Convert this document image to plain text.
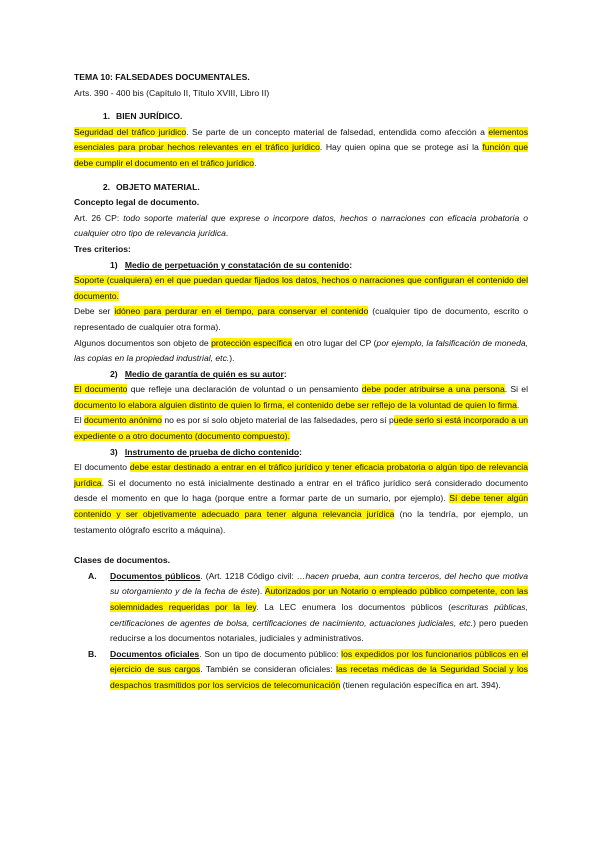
TEMA 10: FALSEDADES DOCUMENTALES.
Arts. 390 - 400 bis (Capítulo II, Título XVIII, Libro II)
1. BIEN JURÍDICO.

Seguridad del tráfico jurídico. Se parte de un concepto material de falsedad, entendida como afección a elementos esenciales para probar hechos relevantes en el tráfico jurídico. Hay quien opina que se protege así la función que debe cumplir el documento en el tráfico jurídico.

2. OBJETO MATERIAL.
Concepto legal de documento.

Art. 26 CP: todo soporte material que exprese o incorpore datos, hechos o narraciones con eficacia probatoria o cualquier otro tipo de relevancia jurídica.

Tres criterios:
1) Medio de perpetuación y constatación de su contenido:

Soporte (cualquiera) en el que puedan quedar fijados los datos, hechos o narraciones que configuran el contenido del documento.

Debe ser idóneo para perdurar en el tiempo, para conservar el contenido (cualquier tipo de documento, escrito o representado de cualquier otra forma).

Algunos documentos son objeto de protección específica en otro lugar del CP (por ejemplo, la falsificación de moneda, las copias en la propiedad industrial, etc.).

2) Medio de garantía de quién es su autor:

El documento que refleje una declaración de voluntad o un pensamiento debe poder atribuirse a una persona. Si el documento lo elabora alguien distinto de quien lo firma, el contenido debe ser reflejo de la voluntad de quien lo firma.

El documento anónimo no es por sí solo objeto material de las falsedades, pero sí puede serlo si está incorporado a un expediente o a otro documento (documento compuesto).

3) Instrumento de prueba de dicho contenido:

El documento debe estar destinado a entrar en el tráfico jurídico y tener eficacia probatoria o algún tipo de relevancia jurídica. Si el documento no está inicialmente destinado a entrar en el tráfico jurídico será considerado documento desde el momento en que lo haga (porque entre a formar parte de un sumario, por ejemplo). Sí debe tener algún contenido y ser objetivamente adecuado para tener alguna relevancia jurídica (no la tendría, por ejemplo, un testamento ológrafo escrito a máquina).

Clases de documentos.
A. Documentos públicos. (Art. 1218 Código civil: …hacen prueba, aun contra terceros, del hecho que motiva su otorgamiento y de la fecha de éste). Autorizados por un Notario o empleado público competente, con las solemnidades requeridas por la ley. La LEC enumera los documentos públicos (escrituras públicas, certificaciones de agentes de bolsa, certificaciones de nacimiento, actuaciones judiciales, etc.) pero pueden reducirse a los documentos notariales, judiciales y administrativos.

B. Documentos oficiales. Son un tipo de documento público: los expedidos por los funcionarios públicos en el ejercicio de sus cargos. También se consideran oficiales: las recetas médicas de la Seguridad Social y los despachos trasmitidos por los servicios de telecomunicación (tienen regulación específica en art. 394).
